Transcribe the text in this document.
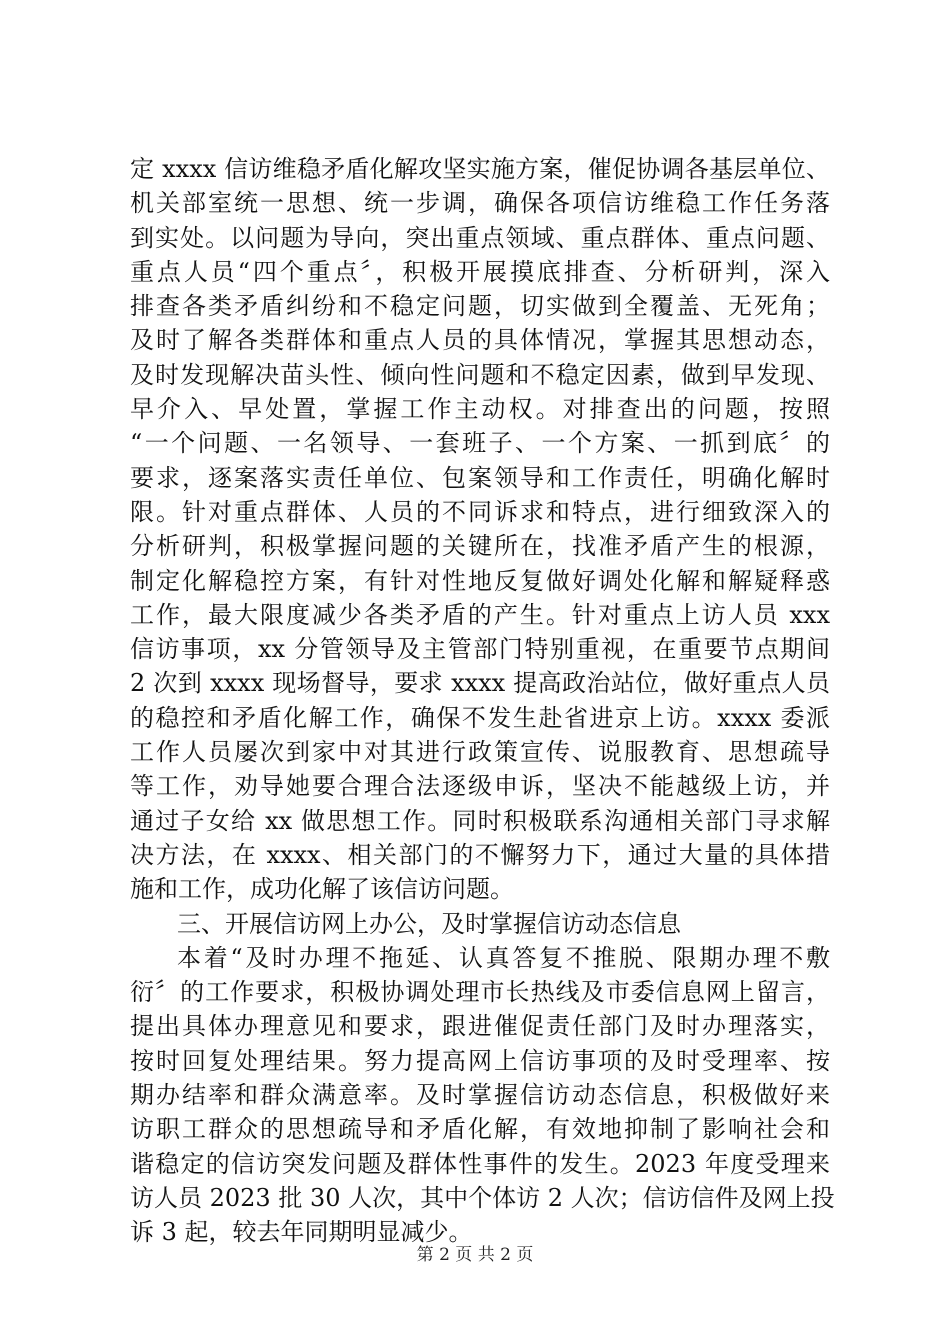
定 xxxx 信访维稳矛盾化解攻坚实施方案，催促协调各基层单位、
机关部室统一思想、统一步调，确保各项信访维稳工作任务落
到实处。以问题为导向，突出重点领域、重点群体、重点问题、
重点人员“四个重点〞，积极开展摸底排查、分析研判，深入
排查各类矛盾纠纷和不稳定问题，切实做到全覆盖、无死角；
及时了解各类群体和重点人员的具体情况，掌握其思想动态，
及时发现解决苗头性、倾向性问题和不稳定因素，做到早发现、
早介入、早处置，掌握工作主动权。对排查出的问题，按照
“一个问题、一名领导、一套班子、一个方案、一抓到底〞的
要求，逐案落实责任单位、包案领导和工作责任，明确化解时
限。针对重点群体、人员的不同诉求和特点，进行细致深入的
分析研判，积极掌握问题的关键所在，找准矛盾产生的根源，
制定化解稳控方案，有针对性地反复做好调处化解和解疑释惑
工作，最大限度减少各类矛盾的产生。针对重点上访人员 xxx
信访事项，xx 分管领导及主管部门特别重视，在重要节点期间
2 次到 xxxx 现场督导，要求 xxxx 提高政治站位，做好重点人员
的稳控和矛盾化解工作，确保不发生赴省进京上访。xxxx 委派
工作人员屡次到家中对其进行政策宣传、说服教育、思想疏导
等工作，劝导她要合理合法逐级申诉，坚决不能越级上访，并
通过子女给 xx 做思想工作。同时积极联系沟通相关部门寻求解
决方法，在 xxxx、相关部门的不懈努力下，通过大量的具体措
施和工作，成功化解了该信访问题。
三、开展信访网上办公，及时掌握信访动态信息
本着“及时办理不拖延、认真答复不推脱、限期办理不敷
衍〞的工作要求，积极协调处理市长热线及市委信息网上留言，
提出具体办理意见和要求，跟进催促责任部门及时办理落实，
按时回复处理结果。努力提高网上信访事项的及时受理率、按
期办结率和群众满意率。及时掌握信访动态信息，积极做好来
访职工群众的思想疏导和矛盾化解，有效地抑制了影响社会和
谐稳定的信访突发问题及群体性事件的发生。2023 年度受理来
访人员 2023 批 30 人次，其中个体访 2 人次；信访信件及网上投
诉 3 起，较去年同期明显减少。
第 2 页 共 2 页
